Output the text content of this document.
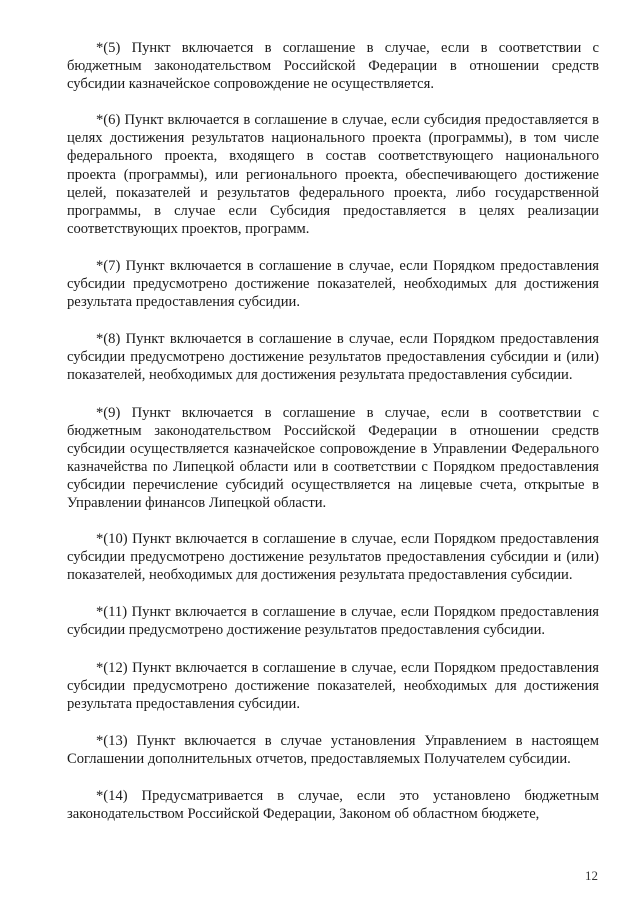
*(5) Пункт включается в соглашение в случае, если в соответствии с бюджетным законодательством Российской Федерации в отношении средств субсидии казначейское сопровождение не осуществляется.

*(6) Пункт включается в соглашение в случае, если субсидия предоставляется в целях достижения результатов национального проекта (программы), в том числе федерального проекта, входящего в состав соответствующего национального проекта (программы), или регионального проекта, обеспечивающего достижение целей, показателей и результатов федерального проекта, либо государственной программы, в случае если Субсидия предоставляется в целях реализации соответствующих проектов, программ.

*(7) Пункт включается в соглашение в случае, если Порядком предоставления субсидии предусмотрено достижение показателей, необходимых для достижения результата предоставления субсидии.

*(8) Пункт включается в соглашение в случае, если Порядком предоставления субсидии предусмотрено достижение результатов предоставления субсидии и (или) показателей, необходимых для достижения результата предоставления субсидии.

*(9) Пункт включается в соглашение в случае, если в соответствии с бюджетным законодательством Российской Федерации в отношении средств субсидии осуществляется казначейское сопровождение в Управлении Федерального казначейства по Липецкой области или в соответствии с Порядком предоставления субсидии перечисление субсидий осуществляется на лицевые счета, открытые в Управлении финансов Липецкой области.

*(10) Пункт включается в соглашение в случае, если Порядком предоставления субсидии предусмотрено достижение результатов предоставления субсидии и (или) показателей, необходимых для достижения результата предоставления субсидии.

*(11) Пункт включается в соглашение в случае, если Порядком предоставления субсидии предусмотрено достижение результатов предоставления субсидии.

*(12) Пункт включается в соглашение в случае, если Порядком предоставления субсидии предусмотрено достижение показателей, необходимых для достижения результата предоставления субсидии.

*(13) Пункт включается в случае установления Управлением в настоящем Соглашении дополнительных отчетов, предоставляемых Получателем субсидии.

*(14) Предусматривается в случае, если это установлено бюджетным законодательством Российской Федерации, Законом об областном бюджете,

12
